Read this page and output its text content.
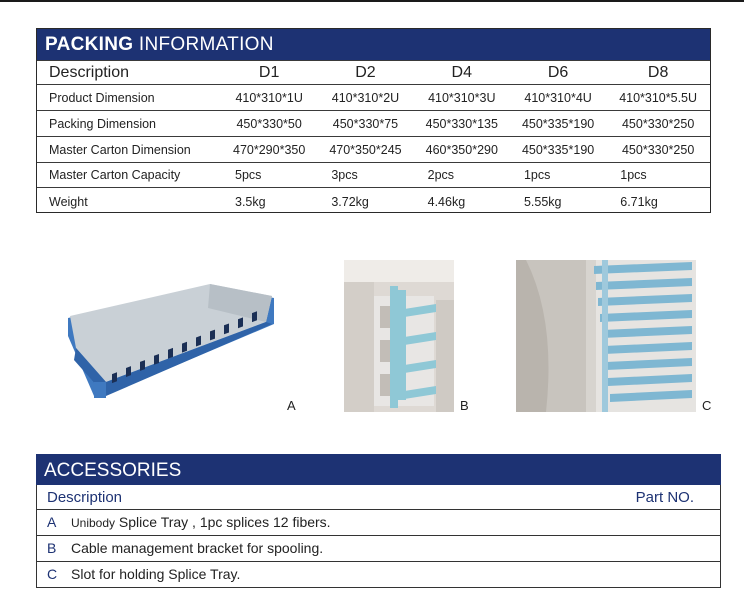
PACKING INFORMATION
Description	D1	D2	D4	D6	D8
Product Dimension	410*310*1U	410*310*2U	410*310*3U	410*310*4U	410*310*5.5U
Packing Dimension	450*330*50	450*330*75	450*330*135	450*335*190	450*330*250
Master Carton Dimension	470*290*350	470*350*245	460*350*290	450*335*190	450*330*250
Master Carton Capacity	5pcs	3pcs	2pcs	1pcs	1pcs
Weight	3.5kg	3.72kg	4.46kg	5.55kg	6.71kg
A	B	C
ACCESSORIES
Description	Part NO.
A Unibody Splice Tray , 1pc splices 12 fibers.
B Cable management bracket for spooling.
C Slot for holding Splice Tray.
